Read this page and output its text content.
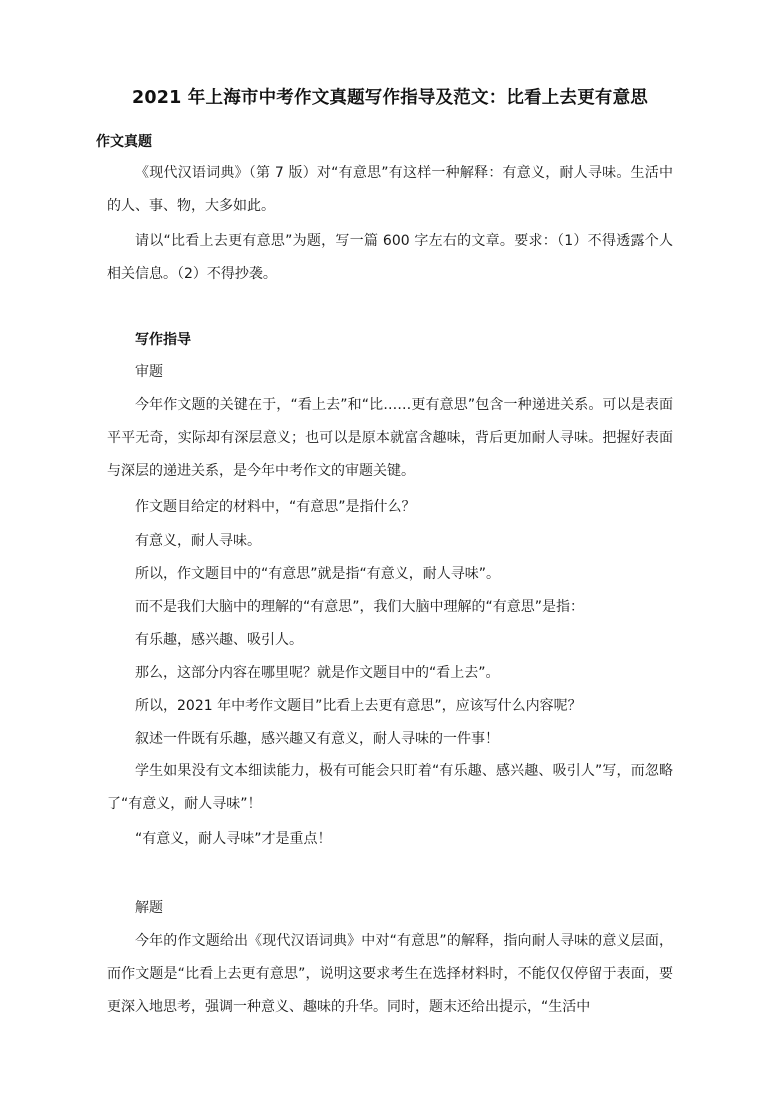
2021 年上海市中考作文真题写作指导及范文：比看上去更有意思
作文真题
《现代汉语词典》（第 7 版）对“有意思”有这样一种解释：有意义，耐人寻味。生活中的人、事、物，大多如此。
请以“比看上去更有意思”为题，写一篇 600 字左右的文章。要求：（1）不得透露个人相关信息。（2）不得抄袭。
写作指导
审题
今年作文题的关键在于，“看上去”和“比……更有意思”包含一种递进关系。可以是表面平平无奇，实际却有深层意义；也可以是原本就富含趣味，背后更加耐人寻味。把握好表面与深层的递进关系，是今年中考作文的审题关键。
作文题目给定的材料中，“有意思”是指什么？
有意义，耐人寻味。
所以，作文题目中的“有意思”就是指“有意义，耐人寻味”。
而不是我们大脑中的理解的“有意思”，我们大脑中理解的“有意思”是指：
有乐趣，感兴趣、吸引人。
那么，这部分内容在哪里呢？就是作文题目中的“看上去”。
所以，2021 年中考作文题目”比看上去更有意思”，应该写什么内容呢？
叙述一件既有乐趣，感兴趣又有意义，耐人寻味的一件事！
学生如果没有文本细读能力，极有可能会只盯着“有乐趣、感兴趣、吸引人”写，而忽略了“有意义，耐人寻味”！
“有意义，耐人寻味”才是重点！
解题
今年的作文题给出《现代汉语词典》中对“有意思”的解释，指向耐人寻味的意义层面，而作文题是“比看上去更有意思”，说明这要求考生在选择材料时，不能仅仅停留于表面，要更深入地思考，强调一种意义、趣味的升华。同时，题末还给出提示，“生活中
